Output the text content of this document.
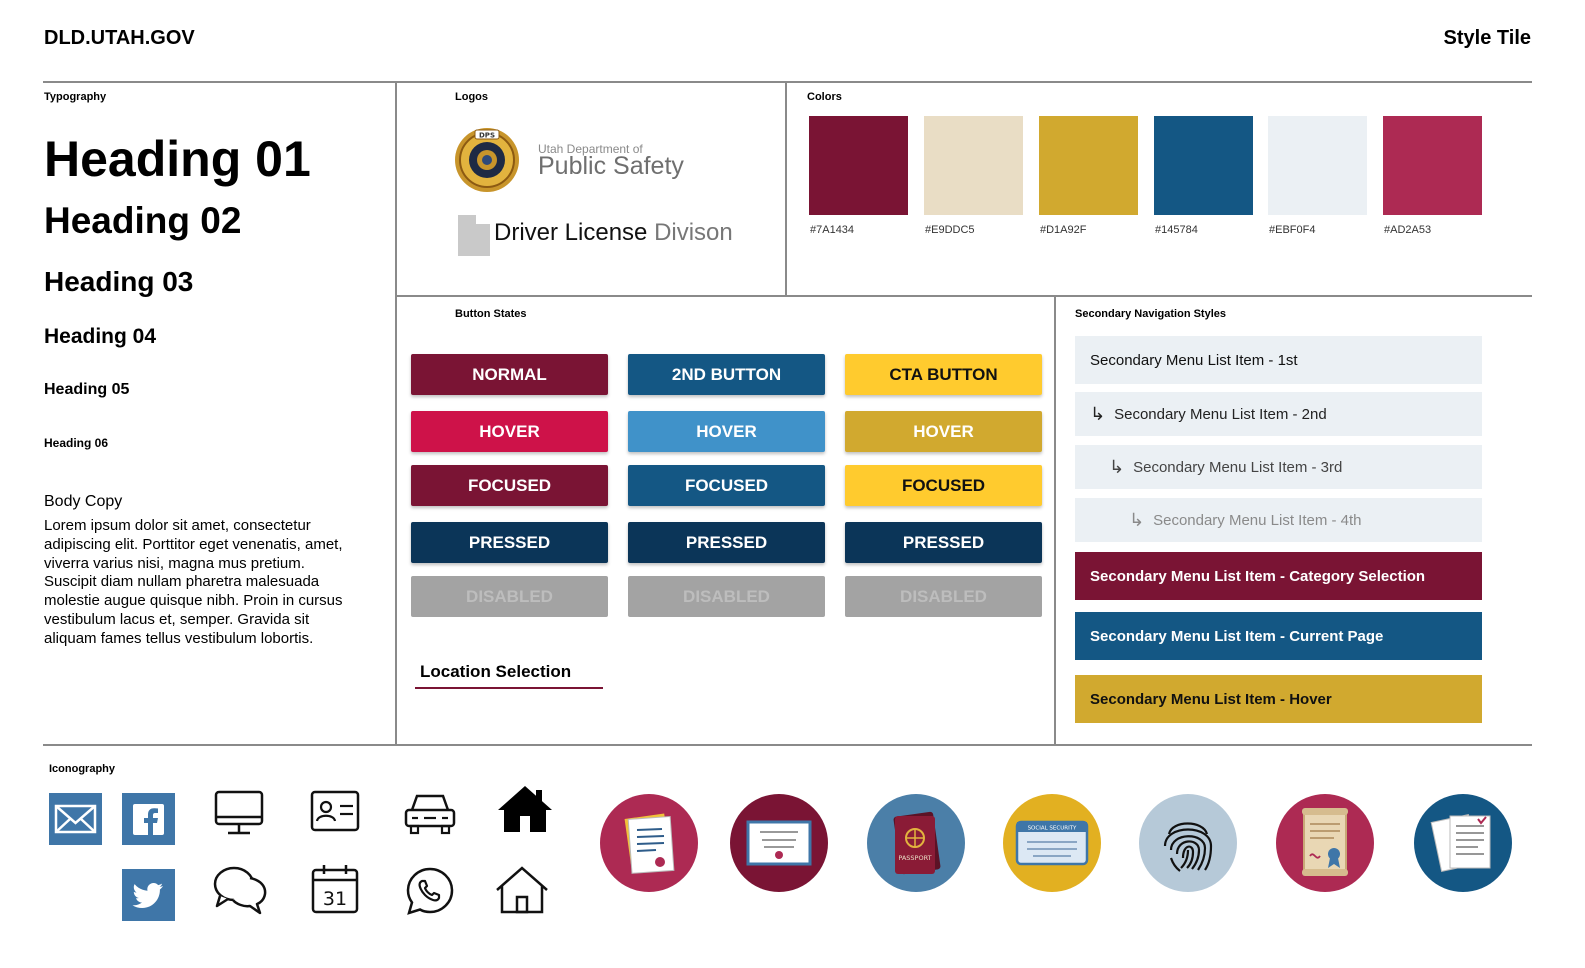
DLD.UTAH.GOV	Style Tile
Typography
Heading 01
Heading 02
Heading 03
Heading 04
Heading 05
Heading 06
Body Copy
Lorem ipsum dolor sit amet, consectetur adipiscing elit. Porttitor eget venenatis, amet, viverra varius nisi, magna mus pretium. Suscipit diam nullam pharetra malesuada molestie augue quisque nibh. Proin in cursus vestibulum lacus et, semper. Gravida sit aliquam fames tellus vestibulum lobortis.
Logos
DPS
Utah Department of
Public Safety
Driver License Divison
Colors
#7A1434	#E9DDC5	#D1A92F	#145784	#EBF0F4	#AD2A53
Button States
NORMAL
HOVER
FOCUSED
PRESSED
DISABLED
2ND BUTTON
HOVER
FOCUSED
PRESSED
DISABLED
CTA BUTTON
HOVER
FOCUSED
PRESSED
DISABLED
Location Selection
Secondary Navigation Styles
Secondary Menu List Item - 1st
↳ Secondary Menu List Item - 2nd
↳ Secondary Menu List Item - 3rd
↳ Secondary Menu List Item - 4th
Secondary Menu List Item - Category Selection
Secondary Menu List Item - Current Page
Secondary Menu List Item - Hover
Iconography
31
PASSPORT
SOCIAL SECURITY
